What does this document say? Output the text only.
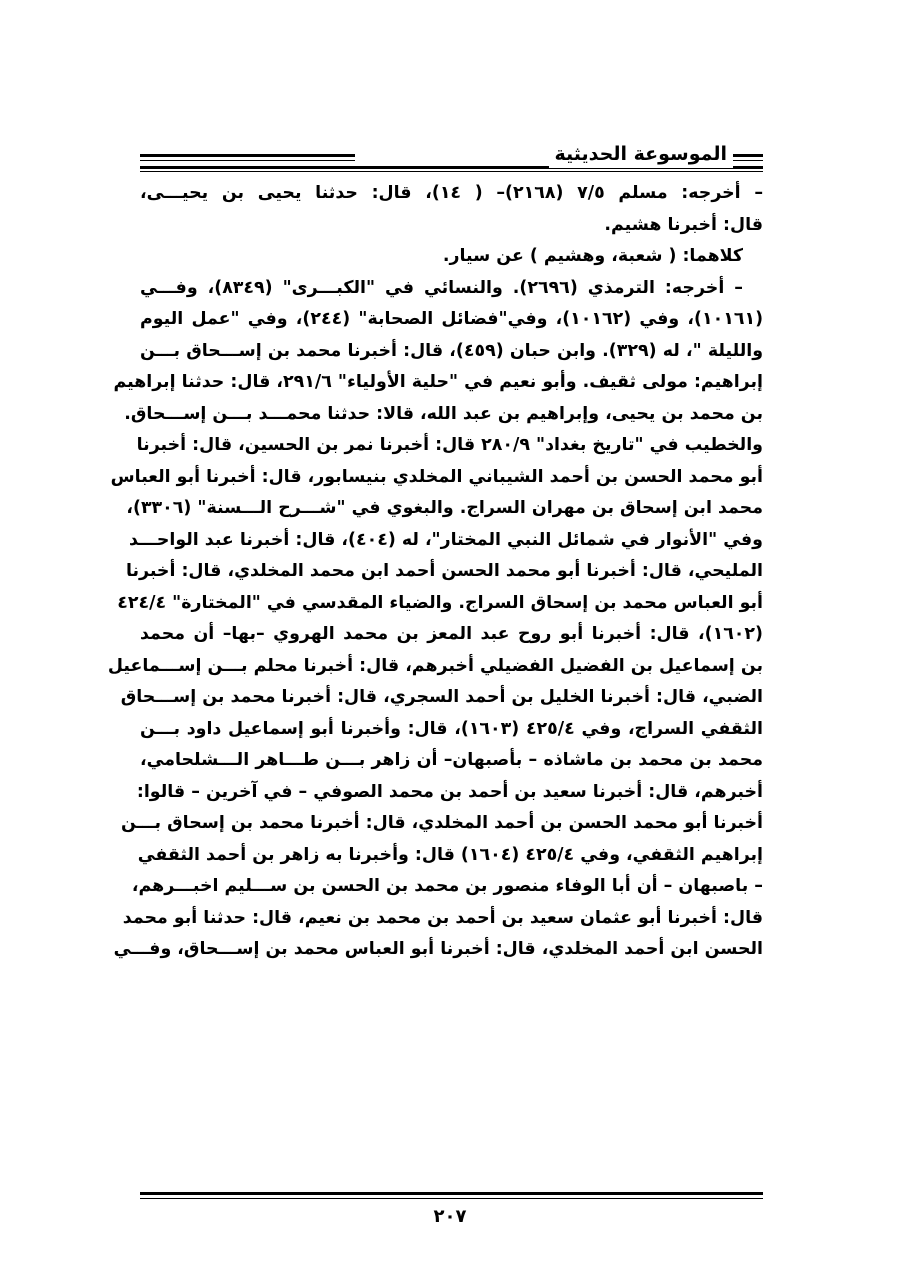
الموسوعة الحديثية
– أخرجه: مسلم ٧/٥ (٢١٦٨)– ( ١٤)، قال: حدثنا يحيى بن يحيـــى،
قال: أخبرنا هشيم.
كلاهما: ( شعبة، وهشيم ) عن سيار.
– أخرجه: الترمذي (٢٦٩٦). والنسائي في "الكبـــرى" (٨٣٤٩)، وفـــي
(١٠١٦١)، وفي (١٠١٦٢)، وفي"فضائل الصحابة" (٢٤٤)، وفي "عمل اليوم
والليلة "، له (٣٢٩). وابن حبان (٤٥٩)، قال: أخبرنا محمد بن إســـحاق بـــن
إبراهيم: مولى ثقيف. وأبو نعيم في "حلية الأولياء" ٢٩١/٦، قال: حدثنا إبراهيم
بن محمد بن يحيى، وإبراهيم بن عبد الله، قالا: حدثنا محمـــد بـــن إســـحاق.
والخطيب في "تاريخ بغداد" ٢٨٠/٩ قال: أخبرنا نمر بن الحسين، قال: أخبرنا
أبو محمد الحسن بن أحمد الشيباني المخلدي بنيسابور، قال: أخبرنا أبو العباس
محمد ابن إسحاق بن مهران السراج. والبغوي في "شـــرح الـــسنة" (٣٣٠٦)،
وفي "الأنوار في شمائل النبي المختار"، له (٤٠٤)، قال: أخبرنا عبد الواحـــد
المليحي، قال: أخبرنا أبو محمد الحسن أحمد ابن محمد المخلدي، قال: أخبرنا
أبو العباس محمد بن إسحاق السراج. والضياء المقدسي في "المختارة" ٤٢٤/٤
(١٦٠٢)، قال: أخبرنا أبو روح عبد المعز بن محمد الهروي –بها– أن محمد
بن إسماعيل بن الفضيل الفضيلي أخبرهم، قال: أخبرنا محلم بـــن إســـماعيل
الضبي، قال: أخبرنا الخليل بن أحمد السجري، قال: أخبرنا محمد بن إســـحاق
الثقفي السراج، وفي ٤٢٥/٤ (١٦٠٣)، قال: وأخبرنا أبو إسماعيل داود بـــن
محمد بن محمد بن ماشاذه – بأصبهان– أن زاهر بـــن طـــاهر الـــشلحامي،
أخبرهم، قال: أخبرنا سعيد بن أحمد بن محمد الصوفي – في آخرين – قالوا:
أخبرنا أبو محمد الحسن بن أحمد المخلدي، قال: أخبرنا محمد بن إسحاق بـــن
إبراهيم الثقفي، وفي ٤٢٥/٤ (١٦٠٤) قال: وأخبرنا به زاهر بن أحمد الثقفي
– باصبهان – أن أبا الوفاء منصور بن محمد بن الحسن بن ســـليم اخبـــرهم،
قال: أخبرنا أبو عثمان سعيد بن أحمد بن محمد بن نعيم، قال: حدثنا أبو محمد
الحسن ابن أحمد المخلدي، قال: أخبرنا أبو العباس محمد بن إســـحاق، وفـــي
٢٠٧
